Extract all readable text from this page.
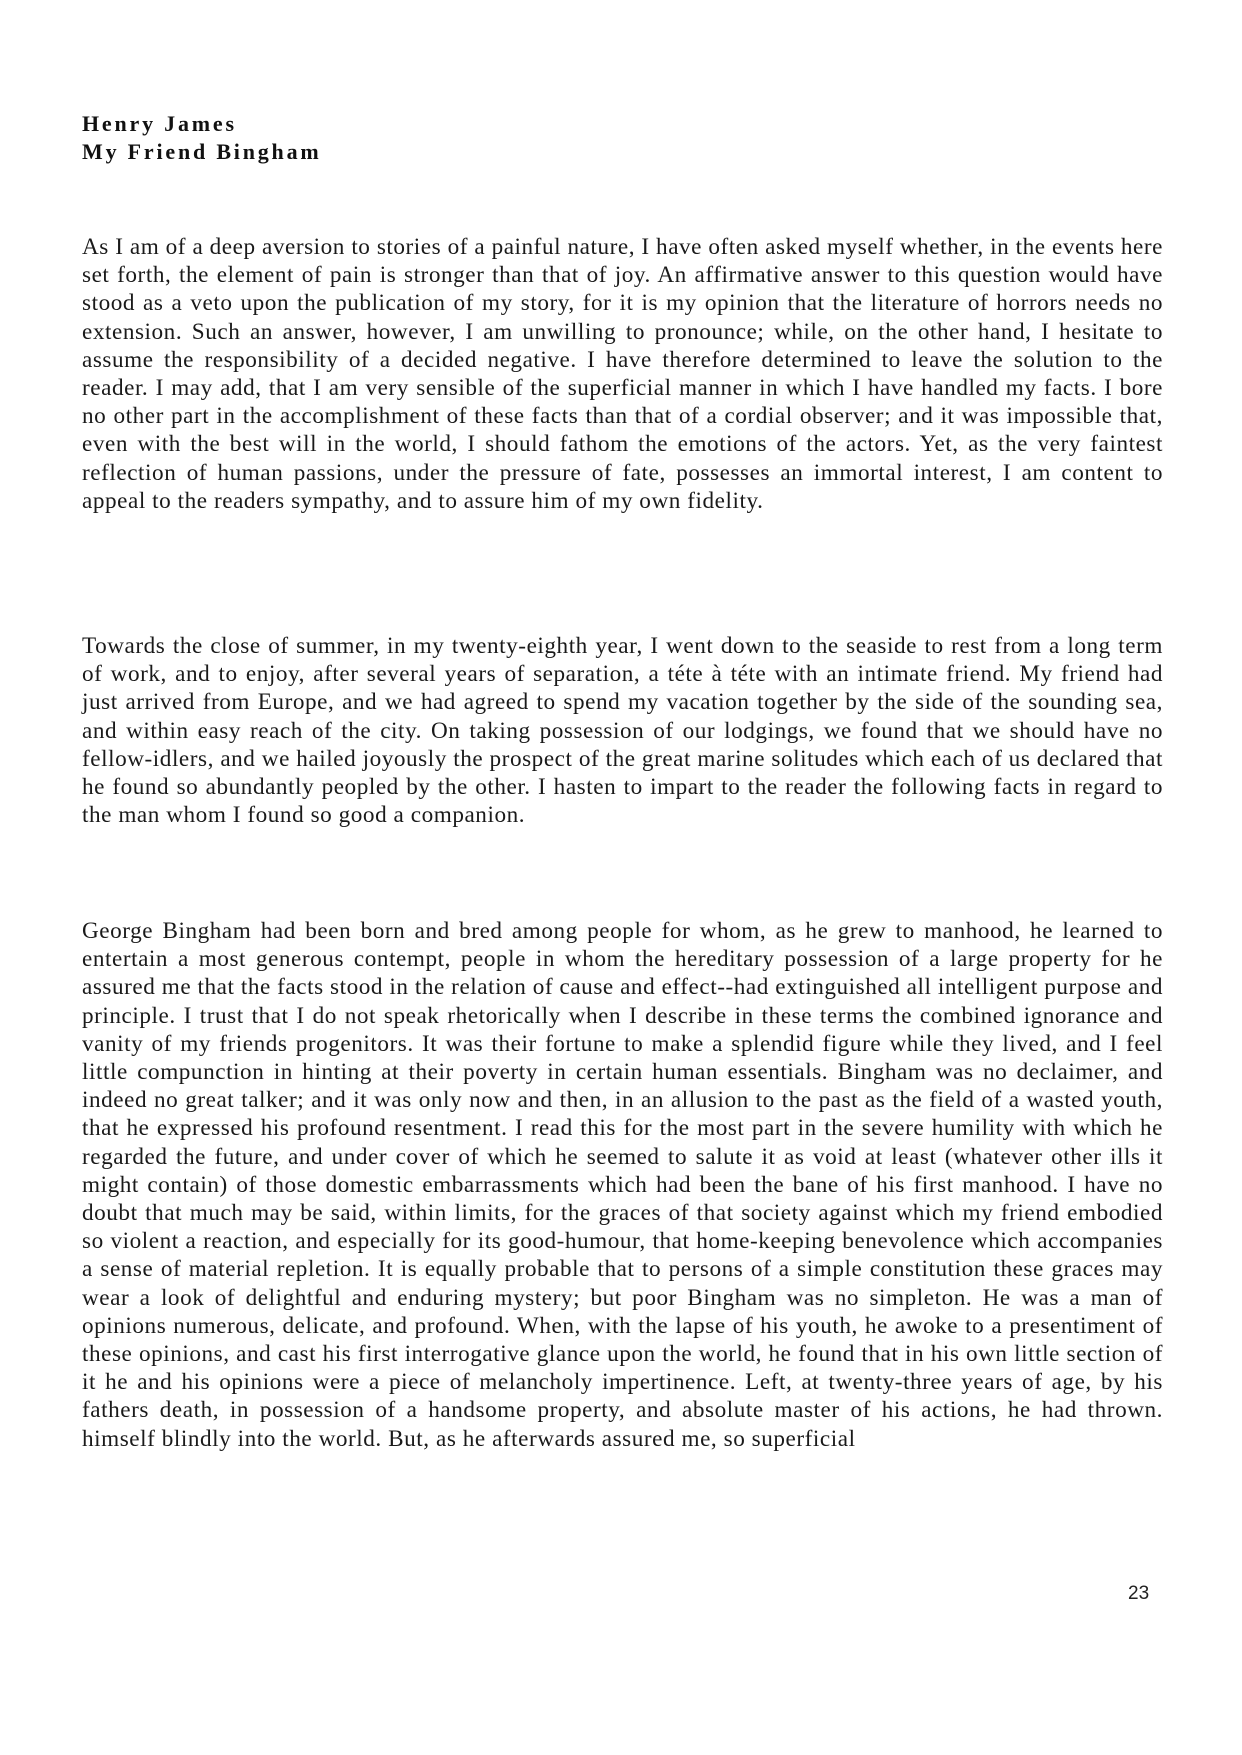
Henry James
My Friend Bingham

As I am of a deep aversion to stories of a painful nature, I have often asked myself whether, in the events here set forth, the element of pain is stronger than that of joy. An affirmative answer to this question would have stood as a veto upon the publication of my story, for it is my opinion that the literature of horrors needs no extension. Such an answer, however, I am unwilling to pronounce; while, on the other hand, I hesitate to assume the responsibility of a decided negative. I have therefore determined to leave the solution to the reader. I may add, that I am very sensible of the superficial manner in which I have handled my facts. I bore no other part in the accomplishment of these facts than that of a cordial observer; and it was impossible that, even with the best will in the world, I should fathom the emotions of the actors. Yet, as the very faintest reflection of human passions, under the pressure of fate, possesses an immortal interest, I am content to appeal to the readers sympathy, and to assure him of my own fidelity.

Towards the close of summer, in my twenty-eighth year, I went down to the seaside to rest from a long term of work, and to enjoy, after several years of separation, a téte à téte with an intimate friend. My friend had just arrived from Europe, and we had agreed to spend my vacation together by the side of the sounding sea, and within easy reach of the city. On taking possession of our lodgings, we found that we should have no fellow-idlers, and we hailed joyously the prospect of the great marine solitudes which each of us declared that he found so abundantly peopled by the other. I hasten to impart to the reader the following facts in regard to the man whom I found so good a companion.

George Bingham had been born and bred among people for whom, as he grew to manhood, he learned to entertain a most generous contempt, people in whom the hereditary possession of a large property for he assured me that the facts stood in the relation of cause and effect--had extinguished all intelligent purpose and principle. I trust that I do not speak rhetorically when I describe in these terms the combined ignorance and vanity of my friends progenitors. It was their fortune to make a splendid figure while they lived, and I feel little compunction in hinting at their poverty in certain human essentials. Bingham was no declaimer, and indeed no great talker; and it was only now and then, in an allusion to the past as the field of a wasted youth, that he expressed his profound resentment. I read this for the most part in the severe humility with which he regarded the future, and under cover of which he seemed to salute it as void at least (whatever other ills it might contain) of those domestic embarrassments which had been the bane of his first manhood. I have no doubt that much may be said, within limits, for the graces of that society against which my friend embodied so violent a reaction, and especially for its good-humour, that home-keeping benevolence which accompanies a sense of material repletion. It is equally probable that to persons of a simple constitution these graces may wear a look of delightful and enduring mystery; but poor Bingham was no simpleton. He was a man of opinions numerous, delicate, and profound. When, with the lapse of his youth, he awoke to a presentiment of these opinions, and cast his first interrogative glance upon the world, he found that in his own little section of it he and his opinions were a piece of melancholy impertinence. Left, at twenty-three years of age, by his fathers death, in possession of a handsome property, and absolute master of his actions, he had thrown. himself blindly into the world. But, as he afterwards assured me, so superficial

23
